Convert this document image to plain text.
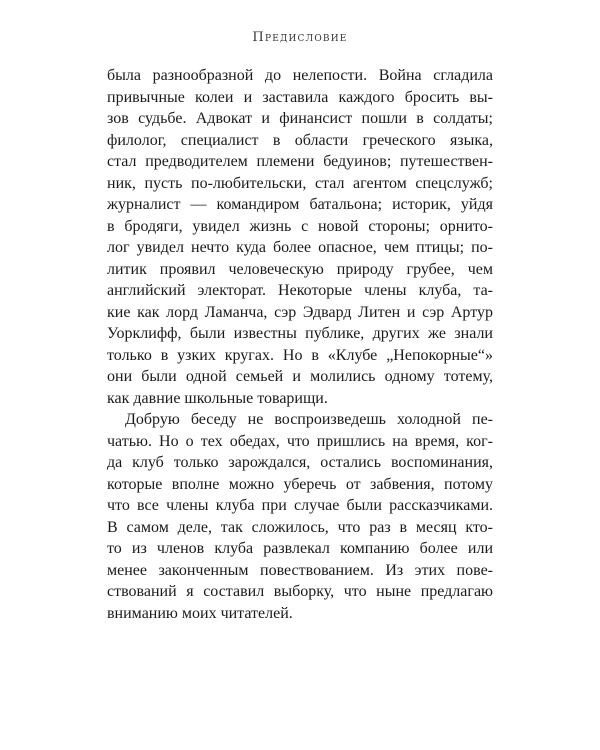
Предисловие
была разнообразной до нелепости. Война сгладила
привычные колеи и заставила каждого бросить вы-
зов судьбе. Адвокат и финансист пошли в солдаты;
филолог, специалист в области греческого языка,
стал предводителем племени бедуинов; путешествен-
ник, пусть по-любительски, стал агентом спецслужб;
журналист — командиром батальона; историк, уйдя
в бродяги, увидел жизнь с новой стороны; орнито-
лог увидел нечто куда более опасное, чем птицы; по-
литик проявил человеческую природу грубее, чем
английский электорат. Некоторые члены клуба, та-
кие как лорд Ламанча, сэр Эдвард Литен и сэр Артур
Уорклифф, были известны публике, других же знали
только в узких кругах. Но в «Клубе „Непокорные“»
они были одной семьей и молились одному тотему,
как давние школьные товарищи.
Добрую беседу не воспроизведешь холодной пе-
чатью. Но о тех обедах, что пришлись на время, ког-
да клуб только зарождался, остались воспоминания,
которые вполне можно уберечь от забвения, потому
что все члены клуба при случае были рассказчиками.
В самом деле, так сложилось, что раз в месяц кто-
то из членов клуба развлекал компанию более или
менее законченным повествованием. Из этих пове-
ствований я составил выборку, что ныне предлагаю
вниманию моих читателей.
